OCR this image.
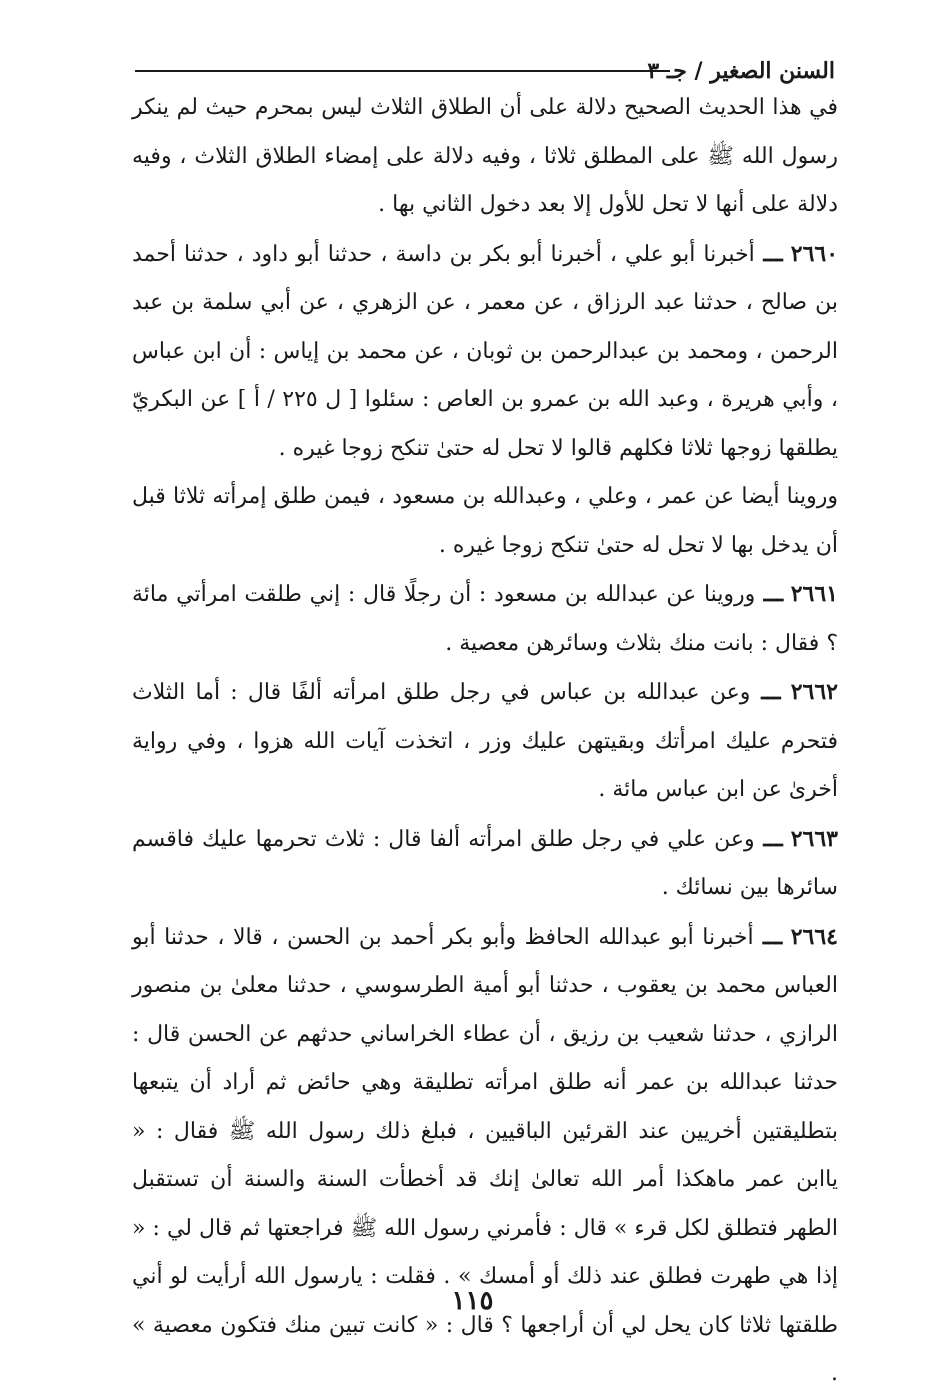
السنن الصغير / جـ ٣

في هذا الحديث الصحيح دلالة على أن الطلاق الثلاث ليس بمحرم حيث لم ينكر رسول الله ﷺ على المطلق ثلاثا ، وفيه دلالة على إمضاء الطلاق الثلاث ، وفيه دلالة على أنها لا تحل للأول إلا بعد دخول الثاني بها .

٢٦٦٠ ـــ أخبرنا أبو علي ، أخبرنا أبو بكر بن داسة ، حدثنا أبو داود ، حدثنا أحمد بن صالح ، حدثنا عبد الرزاق ، عن معمر ، عن الزهري ، عن أبي سلمة بن عبد الرحمن ، ومحمد بن عبدالرحمن بن ثوبان ، عن محمد بن إياس : أن ابن عباس ، وأبي هريرة ، وعبد الله بن عمرو بن العاص : سئلوا [ ل ٢٢٥ / أ ] عن البكريّ يطلقها زوجها ثلاثا فكلهم قالوا لا تحل له حتىٰ تنكح زوجا غيره .

وروينا أيضا عن عمر ، وعلي ، وعبدالله بن مسعود ، فيمن طلق إمرأته ثلاثا قبل أن يدخل بها لا تحل له حتىٰ تنكح زوجا غيره .

٢٦٦١ ـــ وروينا عن عبدالله بن مسعود : أن رجلًا قال : إني طلقت امرأتي مائة ؟ فقال : بانت منك بثلاث وسائرهن معصية .

٢٦٦٢ ـــ وعن عبدالله بن عباس في رجل طلق امرأته ألفًا قال : أما الثلاث فتحرم عليك امرأتك وبقيتهن عليك وزر ، اتخذت آيات الله هزوا ، وفي رواية أخرىٰ عن ابن عباس مائة .

٢٦٦٣ ـــ وعن علي في رجل طلق امرأته ألفا قال : ثلاث تحرمها عليك فاقسم سائرها بين نسائك .

٢٦٦٤ ـــ أخبرنا أبو عبدالله الحافظ وأبو بكر أحمد بن الحسن ، قالا ، حدثنا أبو العباس محمد بن يعقوب ، حدثنا أبو أمية الطرسوسي ، حدثنا معلىٰ بن منصور الرازي ، حدثنا شعيب بن رزيق ، أن عطاء الخراساني حدثهم عن الحسن قال : حدثنا عبدالله بن عمر أنه طلق امرأته تطليقة وهي حائض ثم أراد أن يتبعها بتطليقتين أخريين عند القرئين الباقيين ، فبلغ ذلك رسول الله ﷺ فقال : « ياابن عمر ماهكذا أمر الله تعالىٰ إنك قد أخطأت السنة والسنة أن تستقبل الطهر فتطلق لكل قرء » قال : فأمرني رسول الله ﷺ فراجعتها ثم قال لي : « إذا هي طهرت فطلق عند ذلك أو أمسك » . فقلت : يارسول الله أرأيت لو أني طلقتها ثلاثا كان يحل لي أن أراجعها ؟ قال : « كانت تبين منك فتكون معصية » .

١١٥
